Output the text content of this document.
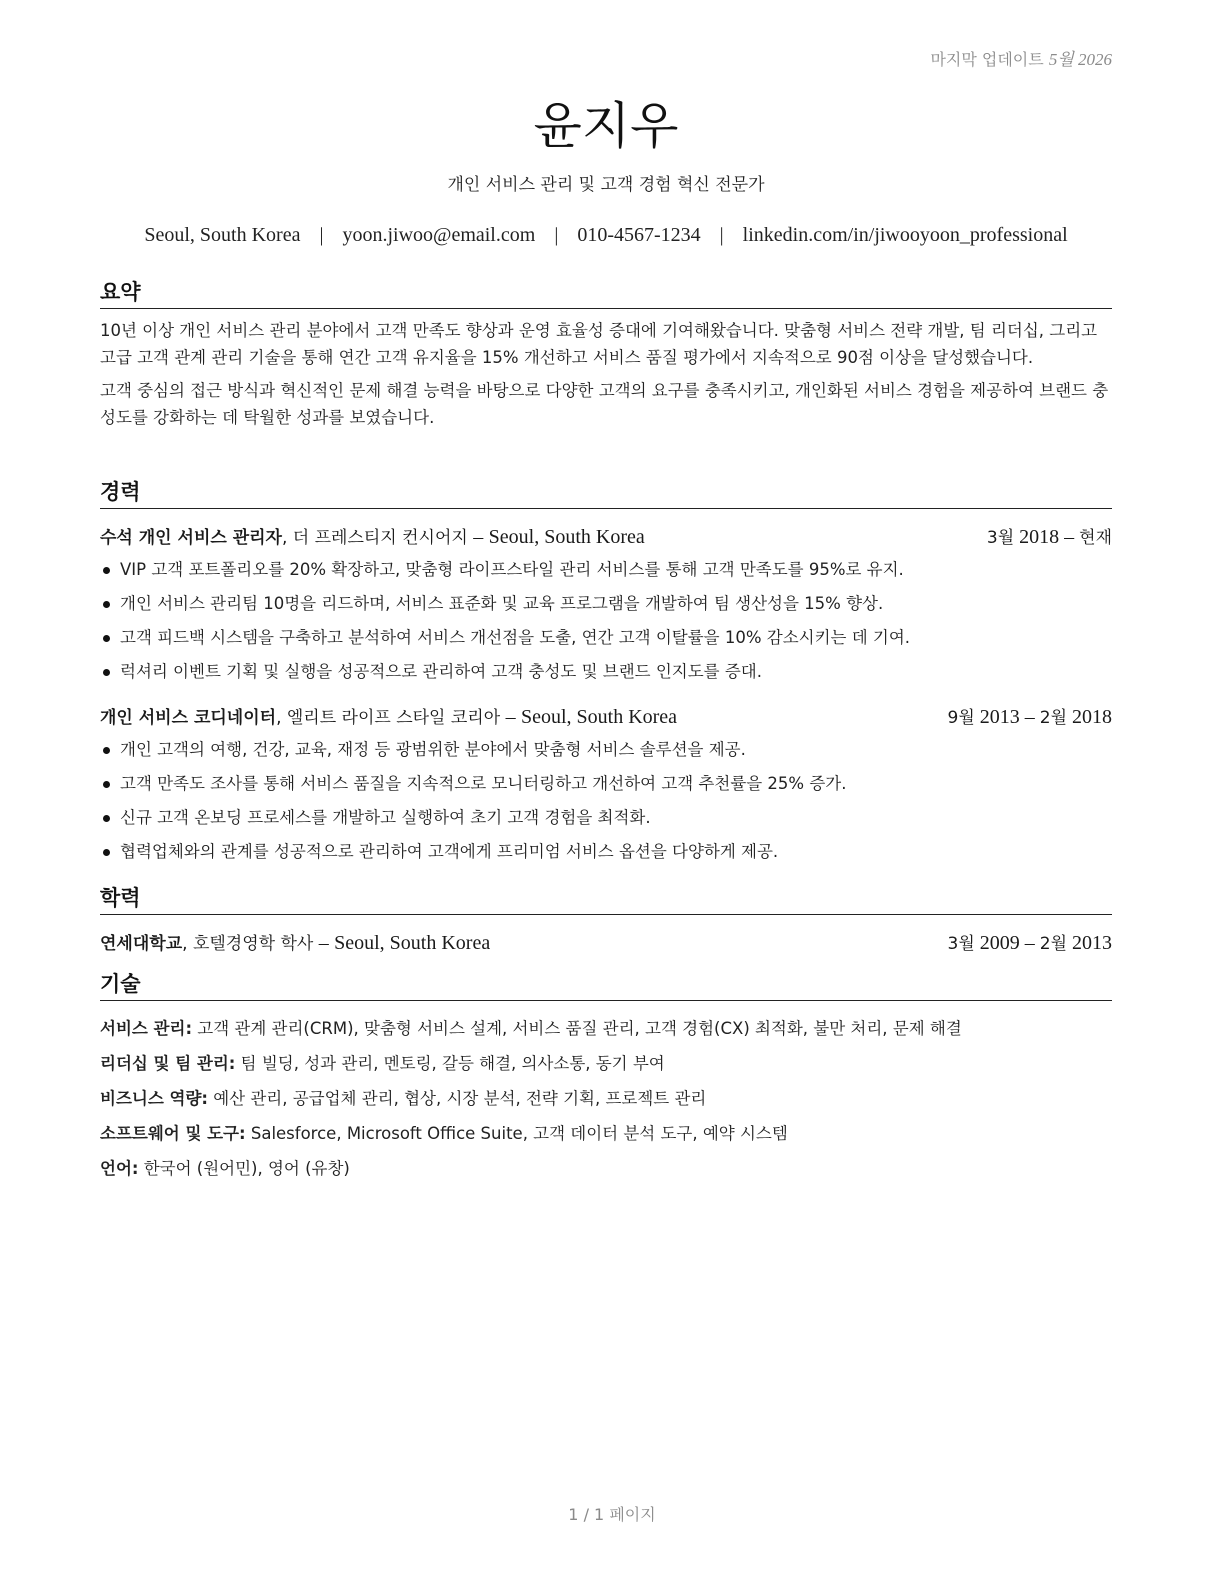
마지막 업데이트 5월 2026
윤지우
개인 서비스 관리 및 고객 경험 혁신 전문가
Seoul, South Korea | yoon.jiwoo@email.com | 010-4567-1234 | linkedin.com/in/jiwooyoon_professional
요약

10년 이상 개인 서비스 관리 분야에서 고객 만족도 향상과 운영 효율성 증대에 기여해왔습니다. 맞춤형 서비스 전략 개발, 팀 리더십, 그리고 고급 고객 관계 관리 기술을 통해 연간 고객 유지율을 15% 개선하고 서비스 품질 평가에서 지속적으로 90점 이상을 달성했습니다.

고객 중심의 접근 방식과 혁신적인 문제 해결 능력을 바탕으로 다양한 고객의 요구를 충족시키고, 개인화된 서비스 경험을 제공하여 브랜드 충성도를 강화하는 데 탁월한 성과를 보였습니다.

경력
수석 개인 서비스 관리자, 더 프레스티지 컨시어지 – Seoul, South Korea	3월 2018 – 현재
VIP 고객 포트폴리오를 20% 확장하고, 맞춤형 라이프스타일 관리 서비스를 통해 고객 만족도를 95%로 유지.
개인 서비스 관리팀 10명을 리드하며, 서비스 표준화 및 교육 프로그램을 개발하여 팀 생산성을 15% 향상.
고객 피드백 시스템을 구축하고 분석하여 서비스 개선점을 도출, 연간 고객 이탈률을 10% 감소시키는 데 기여.
럭셔리 이벤트 기획 및 실행을 성공적으로 관리하여 고객 충성도 및 브랜드 인지도를 증대.
개인 서비스 코디네이터, 엘리트 라이프 스타일 코리아 – Seoul, South Korea	9월 2013 – 2월 2018
개인 고객의 여행, 건강, 교육, 재정 등 광범위한 분야에서 맞춤형 서비스 솔루션을 제공.
고객 만족도 조사를 통해 서비스 품질을 지속적으로 모니터링하고 개선하여 고객 추천률을 25% 증가.
신규 고객 온보딩 프로세스를 개발하고 실행하여 초기 고객 경험을 최적화.
협력업체와의 관계를 성공적으로 관리하여 고객에게 프리미엄 서비스 옵션을 다양하게 제공.
학력
연세대학교, 호텔경영학 학사 – Seoul, South Korea	3월 2009 – 2월 2013
기술
서비스 관리: 고객 관계 관리(CRM), 맞춤형 서비스 설계, 서비스 품질 관리, 고객 경험(CX) 최적화, 불만 처리, 문제 해결
리더십 및 팀 관리: 팀 빌딩, 성과 관리, 멘토링, 갈등 해결, 의사소통, 동기 부여
비즈니스 역량: 예산 관리, 공급업체 관리, 협상, 시장 분석, 전략 기획, 프로젝트 관리
소프트웨어 및 도구: Salesforce, Microsoft Office Suite, 고객 데이터 분석 도구, 예약 시스템
언어: 한국어 (원어민), 영어 (유창)
1 / 1 페이지
